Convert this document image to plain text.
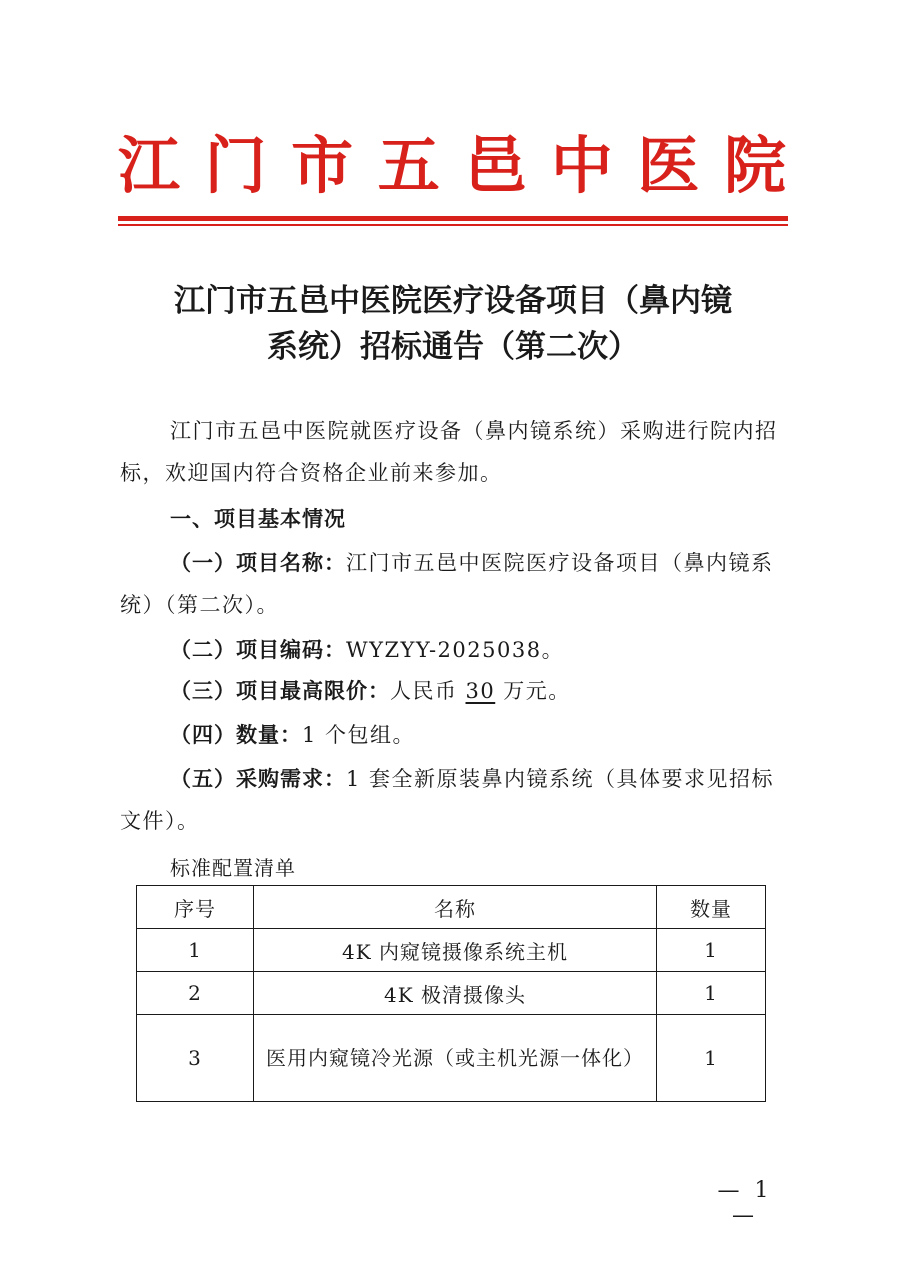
江 门 市 五 邑 中 医 院
江门市五邑中医院医疗设备项目（鼻内镜
系统）招标通告（第二次）
江门市五邑中医院就医疗设备（鼻内镜系统）采购进行院内招标，欢迎国内符合资格企业前来参加。
一、项目基本情况
（一）项目名称：江门市五邑中医院医疗设备项目（鼻内镜系统）（第二次）。
（二）项目编码：WYZYY-2025038。
（三）项目最高限价：人民币 30 万元。
（四）数量：1 个包组。
（五）采购需求：1 套全新原装鼻内镜系统（具体要求见招标文件）。
标准配置清单
序号	名称	数量
1	4K 内窥镜摄像系统主机	1
2	4K 极清摄像头	1
3	医用内窥镜冷光源（或主机光源一体化）	1
— 1 —
